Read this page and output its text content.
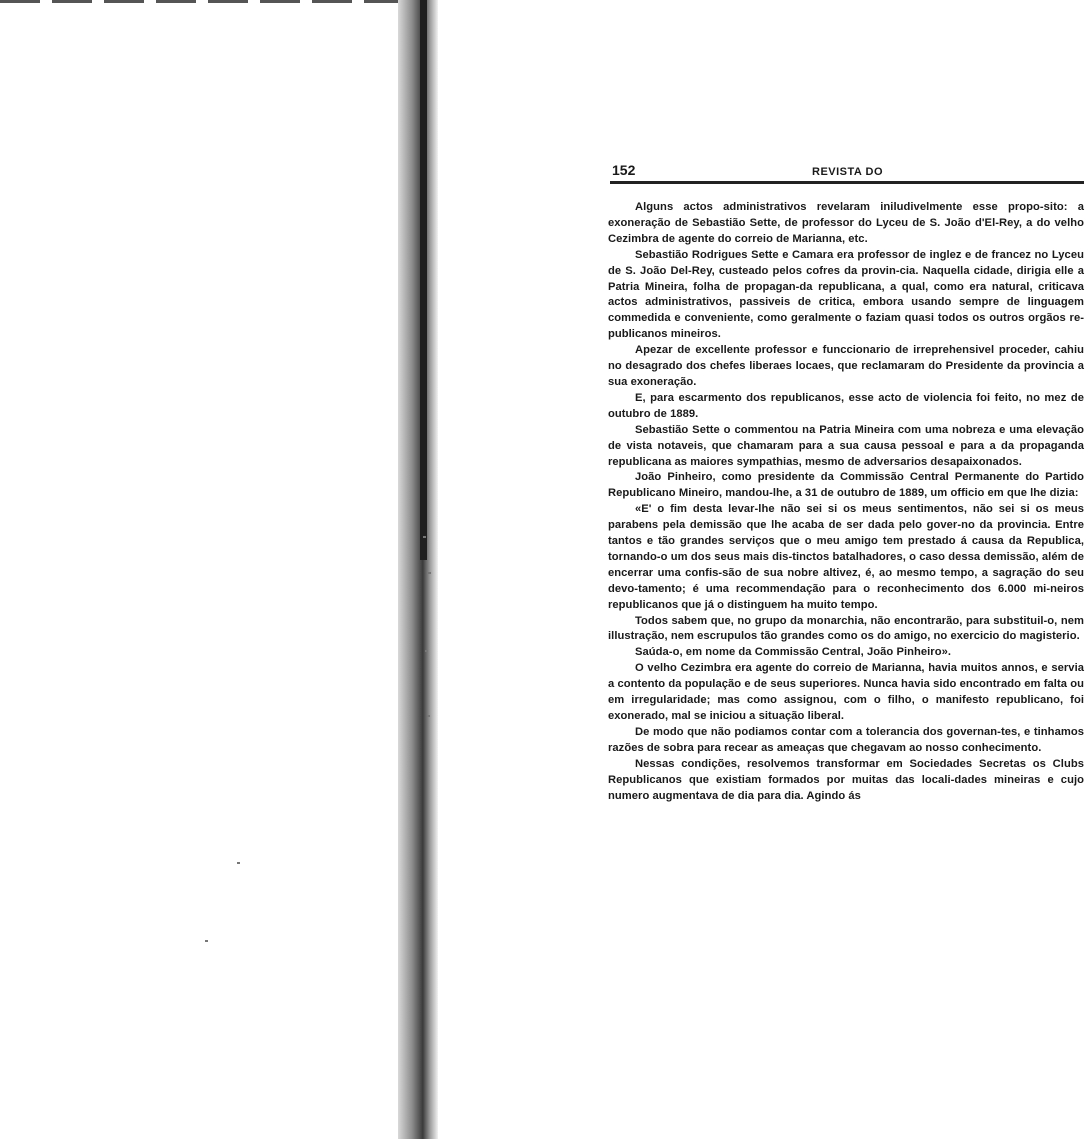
152	REVISTA DO

Alguns actos administrativos revelaram iniludivelmente esse propo-sito: a exoneração de Sebastião Sette, de professor do Lyceu de S. João d'El-Rey, a do velho Cezimbra de agente do correio de Marianna, etc.

Sebastião Rodrigues Sette e Camara era professor de inglez e de francez no Lyceu de S. João Del-Rey, custeado pelos cofres da provin-cia. Naquella cidade, dirigia elle a Patria Mineira, folha de propagan-da republicana, a qual, como era natural, criticava actos administrativos, passiveis de critica, embora usando sempre de linguagem commedida e conveniente, como geralmente o faziam quasi todos os outros orgãos re-publicanos mineiros.

Apezar de excellente professor e funccionario de irreprehensivel proceder, cahiu no desagrado dos chefes liberaes locaes, que reclamaram do Presidente da provincia a sua exoneração.

E, para escarmento dos republicanos, esse acto de violencia foi feito, no mez de outubro de 1889.

Sebastião Sette o commentou na Patria Mineira com uma nobreza e uma elevação de vista notaveis, que chamaram para a sua causa pessoal e para a da propaganda republicana as maiores sympathias, mesmo de adversarios desapaixonados.

João Pinheiro, como presidente da Commissão Central Permanente do Partido Republicano Mineiro, mandou-lhe, a 31 de outubro de 1889, um officio em que lhe dizia:

«E' o fim desta levar-lhe não sei si os meus sentimentos, não sei si os meus parabens pela demissão que lhe acaba de ser dada pelo gover-no da provincia. Entre tantos e tão grandes serviços que o meu amigo tem prestado á causa da Republica, tornando-o um dos seus mais dis-tinctos batalhadores, o caso dessa demissão, além de encerrar uma confis-são de sua nobre altivez, é, ao mesmo tempo, a sagração do seu devo-tamento; é uma recommendação para o reconhecimento dos 6.000 mi-neiros republicanos que já o distinguem ha muito tempo.

Todos sabem que, no grupo da monarchia, não encontrarão, para substituil-o, nem illustração, nem escrupulos tão grandes como os do amigo, no exercicio do magisterio.

Saúda-o, em nome da Commissão Central, João Pinheiro».

O velho Cezimbra era agente do correio de Marianna, havia muitos annos, e servia a contento da população e de seus superiores. Nunca havia sido encontrado em falta ou em irregularidade; mas como assignou, com o filho, o manifesto republicano, foi exonerado, mal se iniciou a situação liberal.

De modo que não podiamos contar com a tolerancia dos governan-tes, e tinhamos razões de sobra para recear as ameaças que chegavam ao nosso conhecimento.

Nessas condições, resolvemos transformar em Sociedades Secretas os Clubs Republicanos que existiam formados por muitas das locali-dades mineiras e cujo numero augmentava de dia para dia. Agindo ás
